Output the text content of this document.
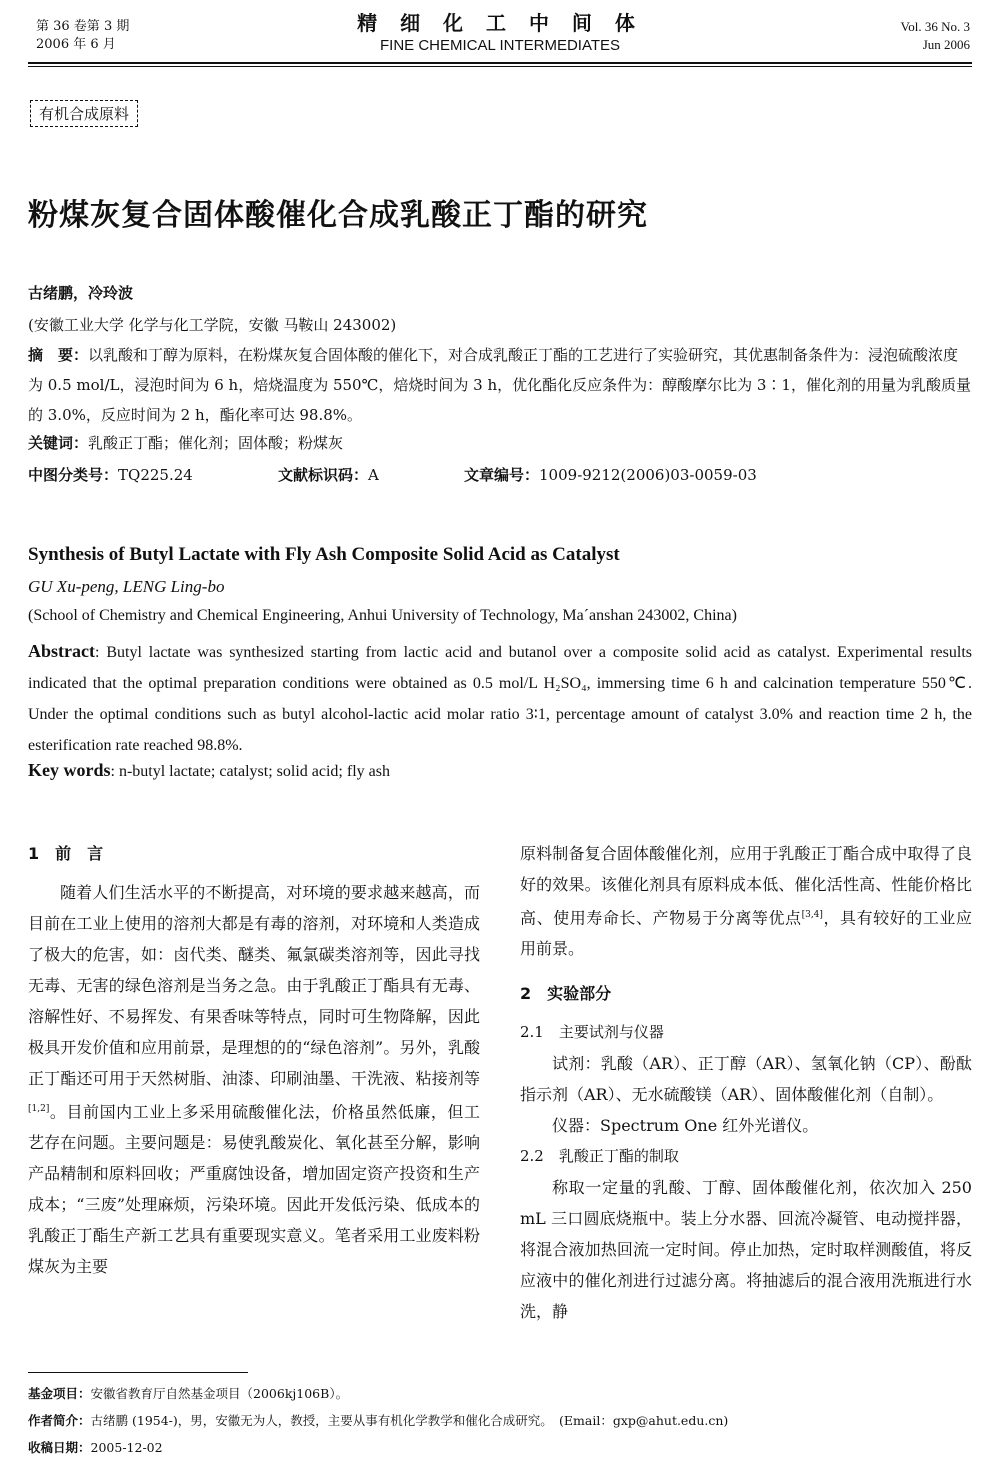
第 36 卷第 3 期
2006 年 6 月
精 细 化 工 中 间 体
FINE CHEMICAL INTERMEDIATES
Vol. 36 No. 3
Jun 2006
有机合成原料
粉煤灰复合固体酸催化合成乳酸正丁酯的研究
古绪鹏，冷玲波
(安徽工业大学 化学与化工学院，安徽 马鞍山 243002)
摘　要：以乳酸和丁醇为原料，在粉煤灰复合固体酸的催化下，对合成乳酸正丁酯的工艺进行了实验研究，其优惠制备条件为：浸泡硫酸浓度为 0.5 mol/L，浸泡时间为 6 h，焙烧温度为 550℃，焙烧时间为 3 h，优化酯化反应条件为：醇酸摩尔比为 3∶1，催化剂的用量为乳酸质量的 3.0%，反应时间为 2 h，酯化率可达 98.8%。
关键词：乳酸正丁酯；催化剂；固体酸；粉煤灰
中图分类号：TQ225.24	文献标识码：A	文章编号：1009-9212(2006)03-0059-03
Synthesis of Butyl Lactate with Fly Ash Composite Solid Acid as Catalyst
GU Xu-peng, LENG Ling-bo
(School of Chemistry and Chemical Engineering, Anhui University of Technology, Ma´anshan 243002, China)
Abstract: Butyl lactate was synthesized starting from lactic acid and butanol over a composite solid acid as catalyst. Experimental results indicated that the optimal preparation conditions were obtained as 0.5 mol/L H₂SO₄, immersing time 6 h and calcination temperature 550℃. Under the optimal conditions such as butyl alcohol-lactic acid molar ratio 3∶1, percentage amount of catalyst 3.0% and reaction time 2 h, the esterification rate reached 98.8%.
Key words: n-butyl lactate; catalyst; solid acid; fly ash
1　前　言

随着人们生活水平的不断提高，对环境的要求越来越高，而目前在工业上使用的溶剂大都是有毒的溶剂，对环境和人类造成了极大的危害，如：卤代类、醚类、氟氯碳类溶剂等，因此寻找无毒、无害的绿色溶剂是当务之急。由于乳酸正丁酯具有无毒、溶解性好、不易挥发、有果香味等特点，同时可生物降解，因此极具开发价值和应用前景，是理想的的“绿色溶剂”。另外，乳酸正丁酯还可用于天然树脂、油漆、印刷油墨、干洗液、粘接剂等[1,2]。目前国内工业上多采用硫酸催化法，价格虽然低廉，但工艺存在问题。主要问题是：易使乳酸炭化、氧化甚至分解，影响产品精制和原料回收；严重腐蚀设备，增加固定资产投资和生产成本；“三废”处理麻烦，污染环境。因此开发低污染、低成本的乳酸正丁酯生产新工艺具有重要现实意义。笔者采用工业废料粉煤灰为主要

原料制备复合固体酸催化剂，应用于乳酸正丁酯合成中取得了良好的效果。该催化剂具有原料成本低、催化活性高、性能价格比高、使用寿命长、产物易于分离等优点[3,4]，具有较好的工业应用前景。

2　实验部分
2.1　主要试剂与仪器

试剂：乳酸（AR）、正丁醇（AR）、氢氧化钠（CP）、酚酞指示剂（AR）、无水硫酸镁（AR）、固体酸催化剂（自制）。

仪器：Spectrum One 红外光谱仪。

2.2　乳酸正丁酯的制取

称取一定量的乳酸、丁醇、固体酸催化剂，依次加入 250 mL 三口圆底烧瓶中。装上分水器、回流冷凝管、电动搅拌器，将混合液加热回流一定时间。停止加热，定时取样测酸值，将反应液中的催化剂进行过滤分离。将抽滤后的混合液用洗瓶进行水洗，静

基金项目：安徽省教育厅自然基金项目（2006kj106B）。
作者简介：古绪鹏 (1954-)，男，安徽无为人，教授，主要从事有机化学教学和催化合成研究。　(Email：gxp@ahut.edu.cn)
收稿日期：2005-12-02
